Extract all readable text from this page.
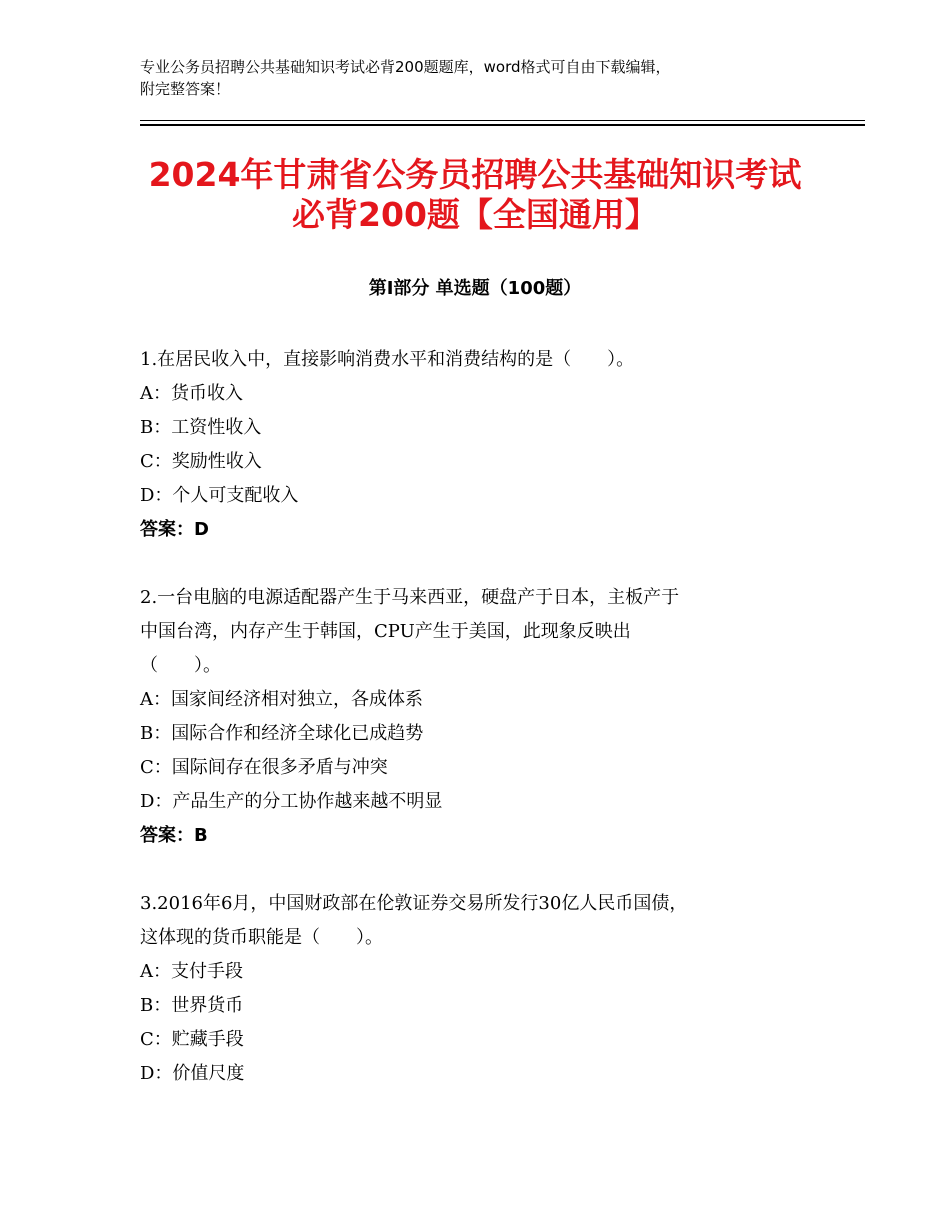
专业公务员招聘公共基础知识考试必背200题题库，word格式可自由下载编辑，
附完整答案！
2024年甘肃省公务员招聘公共基础知识考试
必背200题【全国通用】
第Ⅰ部分 单选题（100题）

1.在居民收入中，直接影响消费水平和消费结构的是（　　）。

A：货币收入

B：工资性收入

C：奖励性收入

D：个人可支配收入

答案：D

2.一台电脑的电源适配器产生于马来西亚，硬盘产于日本，主板产于

中国台湾，内存产生于韩国，CPU产生于美国，此现象反映出

（　　）。

A：国家间经济相对独立，各成体系

B：国际合作和经济全球化已成趋势

C：国际间存在很多矛盾与冲突

D：产品生产的分工协作越来越不明显

答案：B

3.2016年6月，中国财政部在伦敦证券交易所发行30亿人民币国债，

这体现的货币职能是（　　）。

A：支付手段

B：世界货币

C：贮藏手段

D：价值尺度
